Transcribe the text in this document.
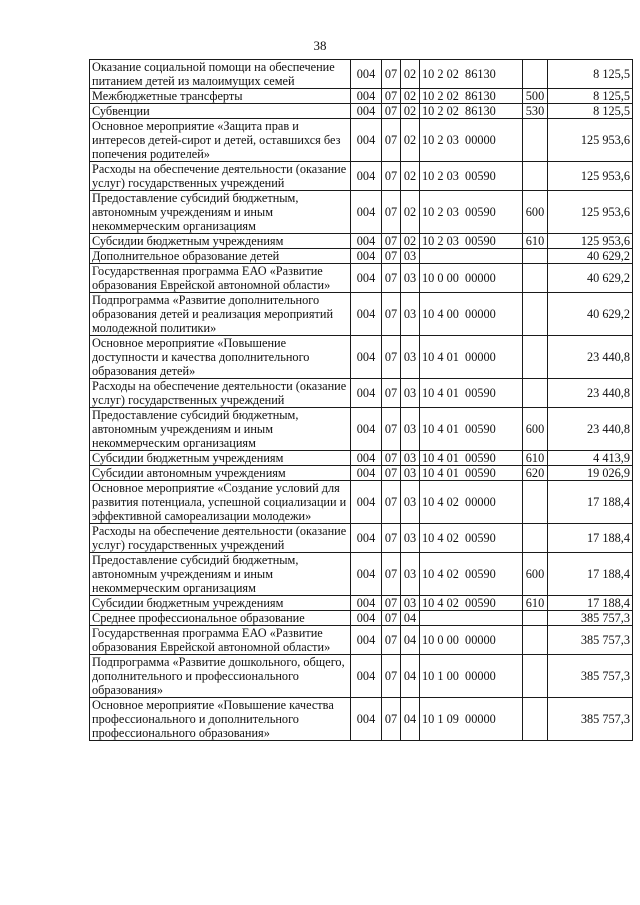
38
Оказание социальной помощи на обеспечение питанием детей из малоимущих семей	004	07	02	10 2 02  86130		8 125,5
Межбюджетные трансферты	004	07	02	10 2 02  86130	500	8 125,5
Субвенции	004	07	02	10 2 02  86130	530	8 125,5
Основное мероприятие «Защита прав и интересов детей-сирот и детей, оставшихся без попечения родителей»	004	07	02	10 2 03  00000		125 953,6
Расходы на обеспечение деятельности (оказание услуг) государственных учреждений	004	07	02	10 2 03  00590		125 953,6
Предоставление субсидий бюджетным, автономным учреждениям и иным некоммерческим организациям	004	07	02	10 2 03  00590	600	125 953,6
Субсидии бюджетным учреждениям	004	07	02	10 2 03  00590	610	125 953,6
Дополнительное образование детей	004	07	03			40 629,2
Государственная программа ЕАО «Развитие образования Еврейской автономной области»	004	07	03	10 0 00  00000		40 629,2
Подпрограмма «Развитие дополнительного образования детей и реализация мероприятий молодежной политики»	004	07	03	10 4 00  00000		40 629,2
Основное мероприятие «Повышение доступности и качества дополнительного образования детей»	004	07	03	10 4 01  00000		23 440,8
Расходы на обеспечение деятельности (оказание услуг) государственных учреждений	004	07	03	10 4 01  00590		23 440,8
Предоставление субсидий бюджетным, автономным учреждениям и иным некоммерческим организациям	004	07	03	10 4 01  00590	600	23 440,8
Субсидии бюджетным учреждениям	004	07	03	10 4 01  00590	610	4 413,9
Субсидии автономным учреждениям	004	07	03	10 4 01  00590	620	19 026,9
Основное мероприятие «Создание условий для развития потенциала, успешной социализации и эффективной самореализации молодежи»	004	07	03	10 4 02  00000		17 188,4
Расходы на обеспечение деятельности (оказание услуг) государственных учреждений	004	07	03	10 4 02  00590		17 188,4
Предоставление субсидий бюджетным, автономным учреждениям и иным некоммерческим организациям	004	07	03	10 4 02  00590	600	17 188,4
Субсидии бюджетным учреждениям	004	07	03	10 4 02  00590	610	17 188,4
Среднее профессиональное образование	004	07	04			385 757,3
Государственная программа ЕАО «Развитие образования Еврейской автономной области»	004	07	04	10 0 00  00000		385 757,3
Подпрограмма «Развитие дошкольного, общего, дополнительного и профессионального образования»	004	07	04	10 1 00  00000		385 757,3
Основное мероприятие «Повышение качества профессионального и дополнительного профессионального образования»	004	07	04	10 1 09  00000		385 757,3
